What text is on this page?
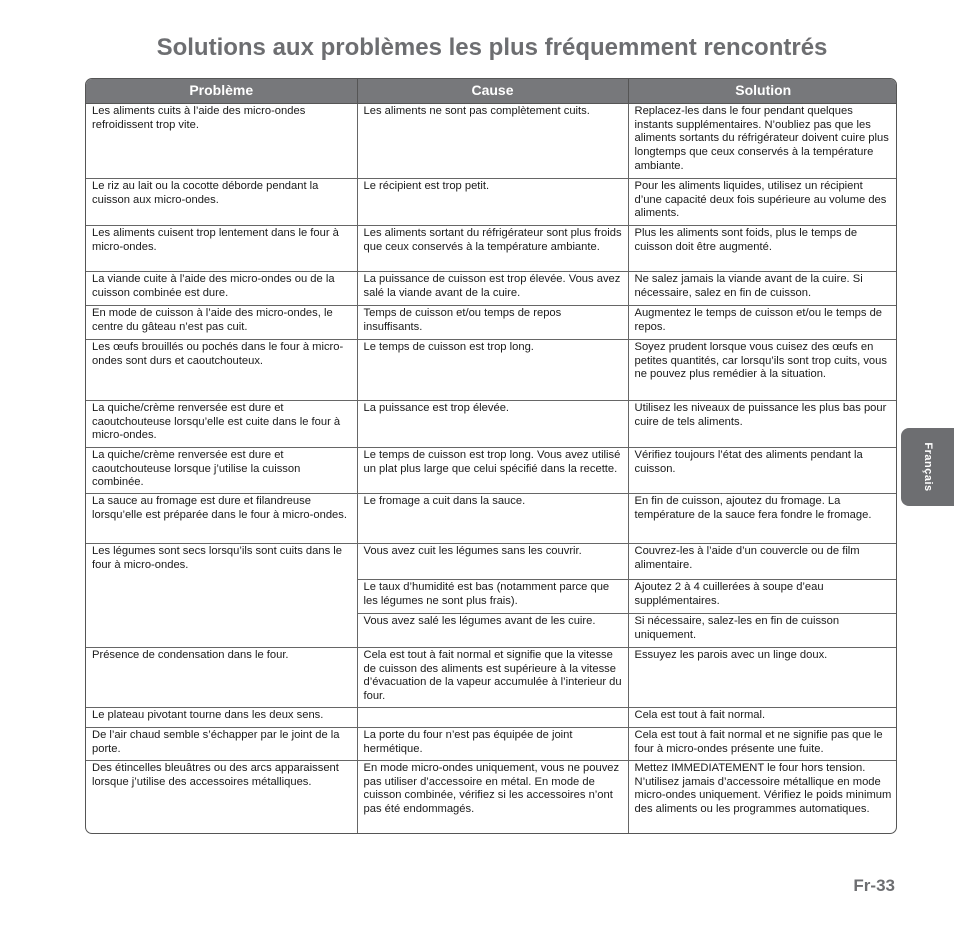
Solutions aux problèmes les plus fréquemment rencontrés
Problème	Cause	Solution
Les aliments cuits à l’aide des micro-ondes refroidissent trop vite.	Les aliments ne sont pas complètement cuits.	Replacez-les dans le four pendant quelques instants supplémentaires. N’oubliez pas que les aliments sortants du réfrigérateur doivent cuire plus longtemps que ceux conservés à la température ambiante.
Le riz au lait ou la cocotte déborde pendant la cuisson aux micro-ondes.	Le récipient est trop petit.	Pour les aliments liquides, utilisez un récipient d’une capacité deux fois supérieure au volume des aliments.
Les aliments cuisent trop lentement dans le four à micro-ondes.	Les aliments sortant du réfrigérateur sont plus froids que ceux conservés à la température ambiante.	Plus les aliments sont foids, plus le temps de cuisson doit être augmenté.
La viande cuite à l’aide des micro-ondes ou de la cuisson combinée est dure.	La puissance de cuisson est trop élevée. Vous avez salé la viande avant de la cuire.	Ne salez jamais la viande avant de la cuire. Si nécessaire, salez en fin de cuisson.
En mode de cuisson à l’aide des micro-ondes, le centre du gâteau n’est pas cuit.	Temps de cuisson et/ou temps de repos insuffisants.	Augmentez le temps de cuisson et/ou le temps de repos.
Les œufs brouillés ou pochés dans le four à micro-ondes sont durs et caoutchouteux.	Le temps de cuisson est trop long.	Soyez prudent lorsque vous cuisez des œufs en petites quantités, car lorsqu’ils sont trop cuits, vous ne pouvez plus remédier à la situation.
La quiche/crème renversée est dure et caoutchouteuse lorsqu’elle est cuite dans le four à micro-ondes.	La puissance est trop élevée.	Utilisez les niveaux de puissance les plus bas pour cuire de tels aliments.
La quiche/crème renversée est dure et caoutchouteuse lorsque j’utilise la cuisson combinée.	Le temps de cuisson est trop long. Vous avez utilisé un plat plus large que celui spécifié dans la recette.	Vérifiez toujours l’état des aliments pendant la cuisson.
La sauce au fromage est dure et filandreuse lorsqu’elle est préparée dans le four à micro-ondes.	Le fromage a cuit dans la sauce.	En fin de cuisson, ajoutez du fromage. La température de la sauce fera fondre le fromage.
Les légumes sont secs lorsqu’ils sont cuits dans le four à micro-ondes.	Vous avez cuit les légumes sans les couvrir.	Couvrez-les à l’aide d’un couvercle ou de film alimentaire.
	Le taux d’humidité est bas (notamment parce que les légumes ne sont plus frais).	Ajoutez 2 à 4 cuillerées à soupe d’eau supplémentaires.
	Vous avez salé les légumes avant de les cuire.	Si nécessaire, salez-les en fin de cuisson uniquement.
Présence de condensation dans le four.	Cela est tout à fait normal et signifie que la vitesse de cuisson des aliments est supérieure à la vitesse d’évacuation de la vapeur accumulée à l’interieur du four.	Essuyez les parois avec un linge doux.
Le plateau pivotant tourne dans les deux sens.		Cela est tout à fait normal.
De l’air chaud semble s’échapper par le joint de la porte.	La porte du four n’est pas équipée de joint hermétique.	Cela est tout à fait normal et ne signifie pas que le four à micro-ondes présente une fuite.
Des étincelles bleuâtres ou des arcs apparaissent lorsque j’utilise des accessoires métalliques.	En mode micro-ondes uniquement, vous ne pouvez pas utiliser d’accessoire en métal. En mode de cuisson combinée, vérifiez si les accessoires n’ont pas été endommagés.	Mettez IMMEDIATEMENT le four hors tension. N’utilisez jamais d’accessoire métallique en mode micro-ondes uniquement. Vérifiez le poids minimum des aliments ou les programmes automatiques.
Français
Fr-33
